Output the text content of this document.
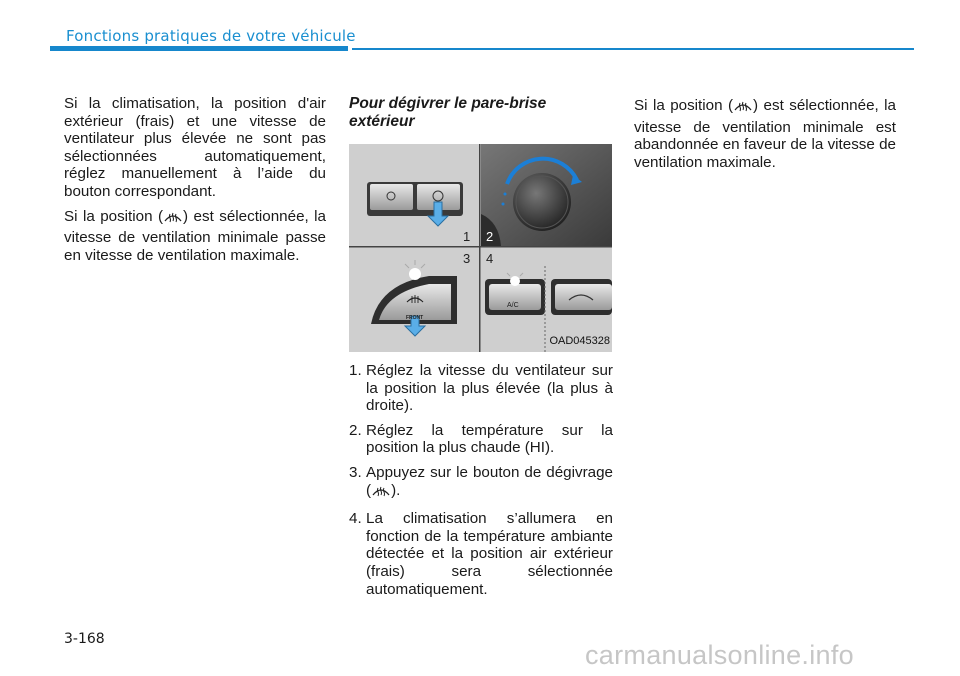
Fonctions pratiques de votre véhicule

Si la climatisation, la position d'air extérieur (frais) et une vitesse de ventilateur plus élevée ne sont pas sélectionnées automatiquement, réglez manuellement à l’aide du bouton correspondant.

Si la position ( ) est sélectionnée, la vitesse de ventilation minimale passe en vitesse de ventilation maximale.

Pour dégivrer le pare-brise extérieur
1 2
3 4
FRONT
A/C
OAD045328
1. Réglez la vitesse du ventilateur sur la position la plus élevée (la plus à droite).
2. Réglez la température sur la position la plus chaude (HI).
3. Appuyez sur le bouton de dégivrage ( ).
4. La climatisation s’allumera en fonction de la température ambiante détectée et la position air extérieur (frais) sera sélectionnée automatiquement.

Si la position ( ) est sélectionnée, la vitesse de ventilation minimale est abandonnée en faveur de la vitesse de ventilation maximale.

3-168
carmanualsonline.info
